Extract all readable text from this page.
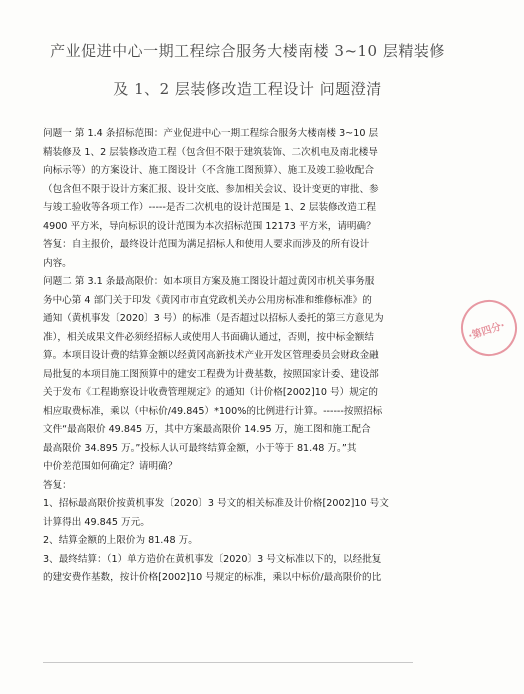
产业促进中心一期工程综合服务大楼南楼 3~10 层精装修
及 1、2 层装修改造工程设计 问题澄清
问题一 第 1.4 条招标范围：产业促进中心一期工程综合服务大楼南楼 3~10 层
精装修及 1、2 层装修改造工程（包含但不限于建筑装饰、二次机电及南北楼导
向标示等）的方案设计、施工图设计（不含施工图预算）、施工及竣工验收配合
（包含但不限于设计方案汇报、设计交底、参加相关会议、设计变更的审批、参
与竣工验收等各项工作）-----是否二次机电的设计范围是 1、2 层装修改造工程
4900 平方米，导向标识的设计范围为本次招标范围 12173 平方米，请明确？
答复：自主报价，最终设计范围为满足招标人和使用人要求而涉及的所有设计
内容。
问题二 第 3.1 条最高限价：如本项目方案及施工图设计超过黄冈市机关事务服
务中心第 4 部门关于印发《黄冈市市直党政机关办公用房标准和维修标准》的
通知（黄机事发〔2020〕3 号）的标准（是否超过以招标人委托的第三方意见为
准），相关成果文件必须经招标人或使用人书面确认通过，否则，按中标金额结
算。本项目设计费的结算金额以经黄冈高新技术产业开发区管理委员会财政金融
局批复的本项目施工图预算中的建安工程费为计费基数，按照国家计委、建设部
关于发布《工程勘察设计收费管理规定》的通知（计价格[2002]10 号）规定的
相应取费标准，乘以（中标价/49.845）*100%的比例进行计算。------按照招标
文件“最高限价 49.845 万，其中方案最高限价 14.95 万，施工图和施工配合
最高限价 34.895 万。”投标人认可最终结算金额，小于等于 81.48 万。”其
中价差范围如何确定？请明确？
答复：
1、招标最高限价按黄机事发〔2020〕3 号文的相关标准及计价格[2002]10 号文
计算得出 49.845 万元。
2、结算金额的上限价为 81.48 万。
3、最终结算：（1）单方造价在黄机事发〔2020〕3 号文标准以下的，以经批复
的建安费作基数，按计价格[2002]10 号规定的标准，乘以中标价/最高限价的比
·第四分·
